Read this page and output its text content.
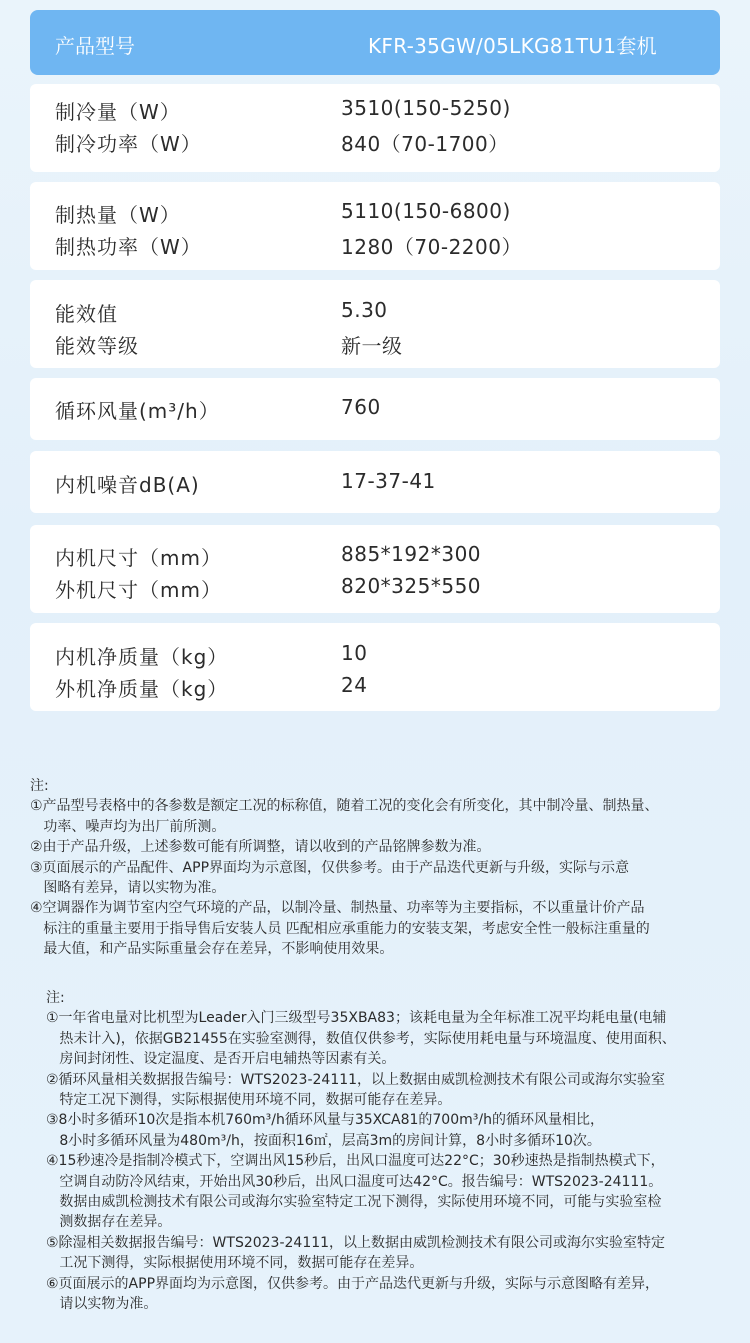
产品型号	KFR-35GW/05LKG81TU1套机
制冷量（W）	3510(150-5250)
制冷功率（W）	840（70-1700）
制热量（W）	5110(150-6800)
制热功率（W）	1280（70-2200）
能效值	5.30
能效等级	新一级
循环风量(m³/h）	760
内机噪音dB(A)	17-37-41
内机尺寸（mm）	885*192*300
外机尺寸（mm）	820*325*550
内机净质量（kg）	10
外机净质量（kg）	24
注:
①产品型号表格中的各参数是额定工况的标称值，随着工况的变化会有所变化，其中制冷量、制热量、
功率、噪声均为出厂前所测。
②由于产品升级，上述参数可能有所调整，请以收到的产品铭牌参数为准。
③页面展示的产品配件、APP界面均为示意图，仅供参考。由于产品迭代更新与升级，实际与示意
图略有差异，请以实物为准。
④空调器作为调节室内空气环境的产品，以制冷量、制热量、功率等为主要指标，不以重量计价产品
标注的重量主要用于指导售后安装人员 匹配相应承重能力的安装支架，考虑安全性一般标注重量的
最大值，和产品实际重量会存在差异，不影响使用效果。
注:
①一年省电量对比机型为Leader入门三级型号35XBA83；该耗电量为全年标准工况平均耗电量(电辅
热未计入)，依据GB21455在实验室测得，数值仅供参考，实际使用耗电量与环境温度、使用面积、
房间封闭性、设定温度、是否开启电辅热等因素有关。
②循环风量相关数据报告编号：WTS2023-24111，以上数据由威凯检测技术有限公司或海尔实验室
特定工况下测得，实际根据使用环境不同，数据可能存在差异。
③8小时多循环10次是指本机760m³/h循环风量与35XCA81的700m³/h的循环风量相比，
8小时多循环风量为480m³/h，按面积16㎡，层高3m的房间计算，8小时多循环10次。
④15秒速冷是指制冷模式下，空调出风15秒后，出风口温度可达22°C；30秒速热是指制热模式下，
空调自动防冷风结束，开始出风30秒后，出风口温度可达42°C。报告编号：WTS2023-24111。
数据由威凯检测技术有限公司或海尔实验室特定工况下测得，实际使用环境不同，可能与实验室检
测数据存在差异。
⑤除湿相关数据报告编号：WTS2023-24111，以上数据由威凯检测技术有限公司或海尔实验室特定
工况下测得，实际根据使用环境不同，数据可能存在差异。
⑥页面展示的APP界面均为示意图，仅供参考。由于产品迭代更新与升级，实际与示意图略有差异，
请以实物为准。
